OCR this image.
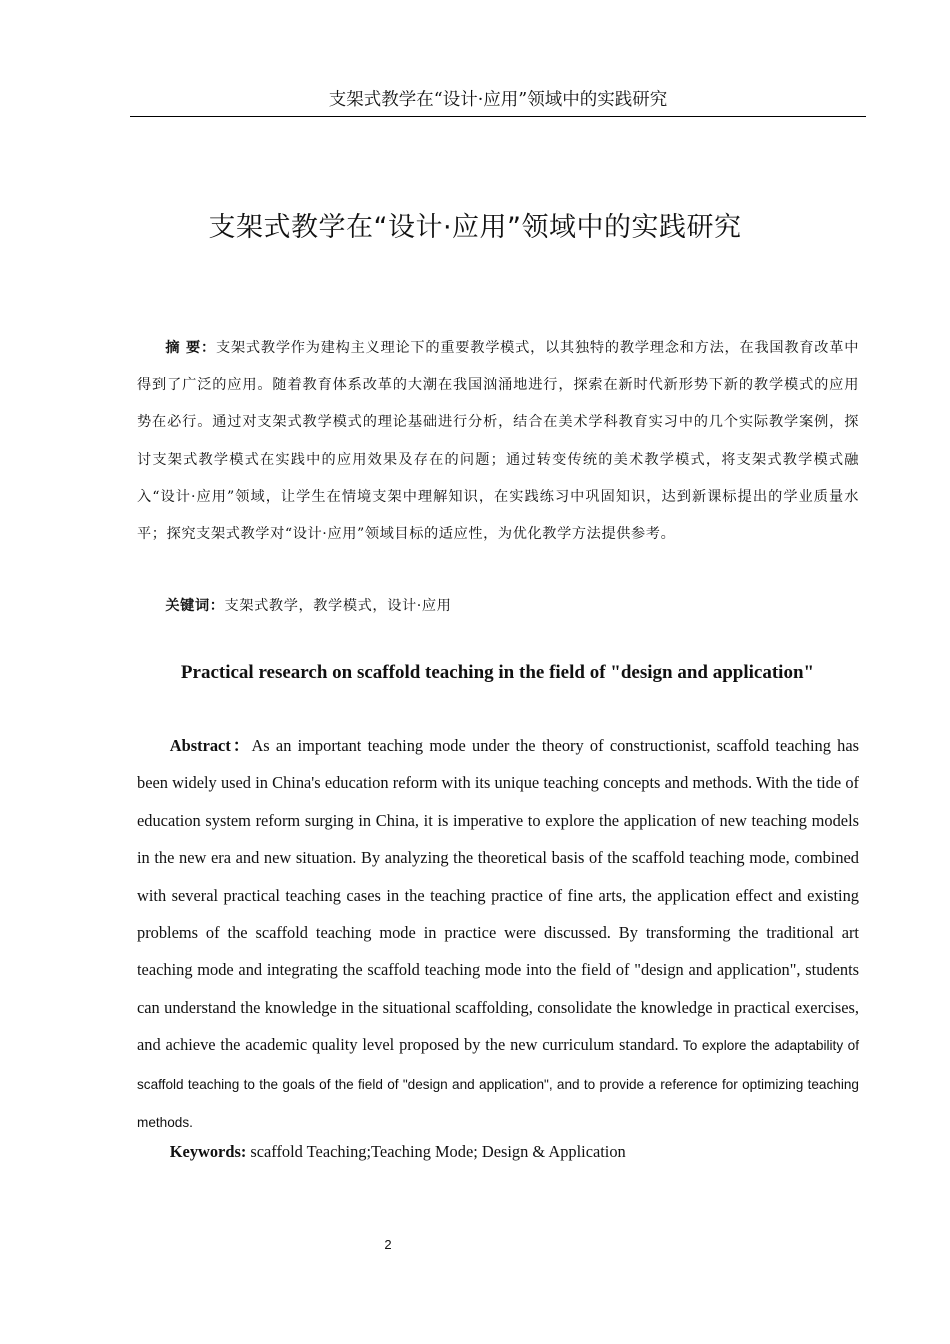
支架式教学在“设计·应用”领域中的实践研究
支架式教学在“设计·应用”领域中的实践研究

摘 要：支架式教学作为建构主义理论下的重要教学模式，以其独特的教学理念和方法，在我国教育改革中得到了广泛的应用。随着教育体系改革的大潮在我国汹涌地进行，探索在新时代新形势下新的教学模式的应用势在必行。通过对支架式教学模式的理论基础进行分析，结合在美术学科教育实习中的几个实际教学案例，探讨支架式教学模式在实践中的应用效果及存在的问题；通过转变传统的美术教学模式，将支架式教学模式融入“设计·应用”领域，让学生在情境支架中理解知识，在实践练习中巩固知识，达到新课标提出的学业质量水平；探究支架式教学对“设计·应用”领域目标的适应性，为优化教学方法提供参考。

关键词：支架式教学，教学模式，设计·应用

Practical research on scaffold teaching in the field of "design and application"

Abstract：As an important teaching mode under the theory of constructionist, scaffold teaching has been widely used in China's education reform with its unique teaching concepts and methods. With the tide of education system reform surging in China, it is imperative to explore the application of new teaching models in the new era and new situation. By analyzing the theoretical basis of the scaffold teaching mode, combined with several practical teaching cases in the teaching practice of fine arts, the application effect and existing problems of the scaffold teaching mode in practice were discussed. By transforming the traditional art teaching mode and integrating the scaffold teaching mode into the field of "design and application", students can understand the knowledge in the situational scaffolding, consolidate the knowledge in practical exercises, and achieve the academic quality level proposed by the new curriculum standard. To explore the adaptability of scaffold teaching to the goals of the field of "design and application", and to provide a reference for optimizing teaching methods.

Keywords: scaffold Teaching;Teaching Mode; Design & Application

2
